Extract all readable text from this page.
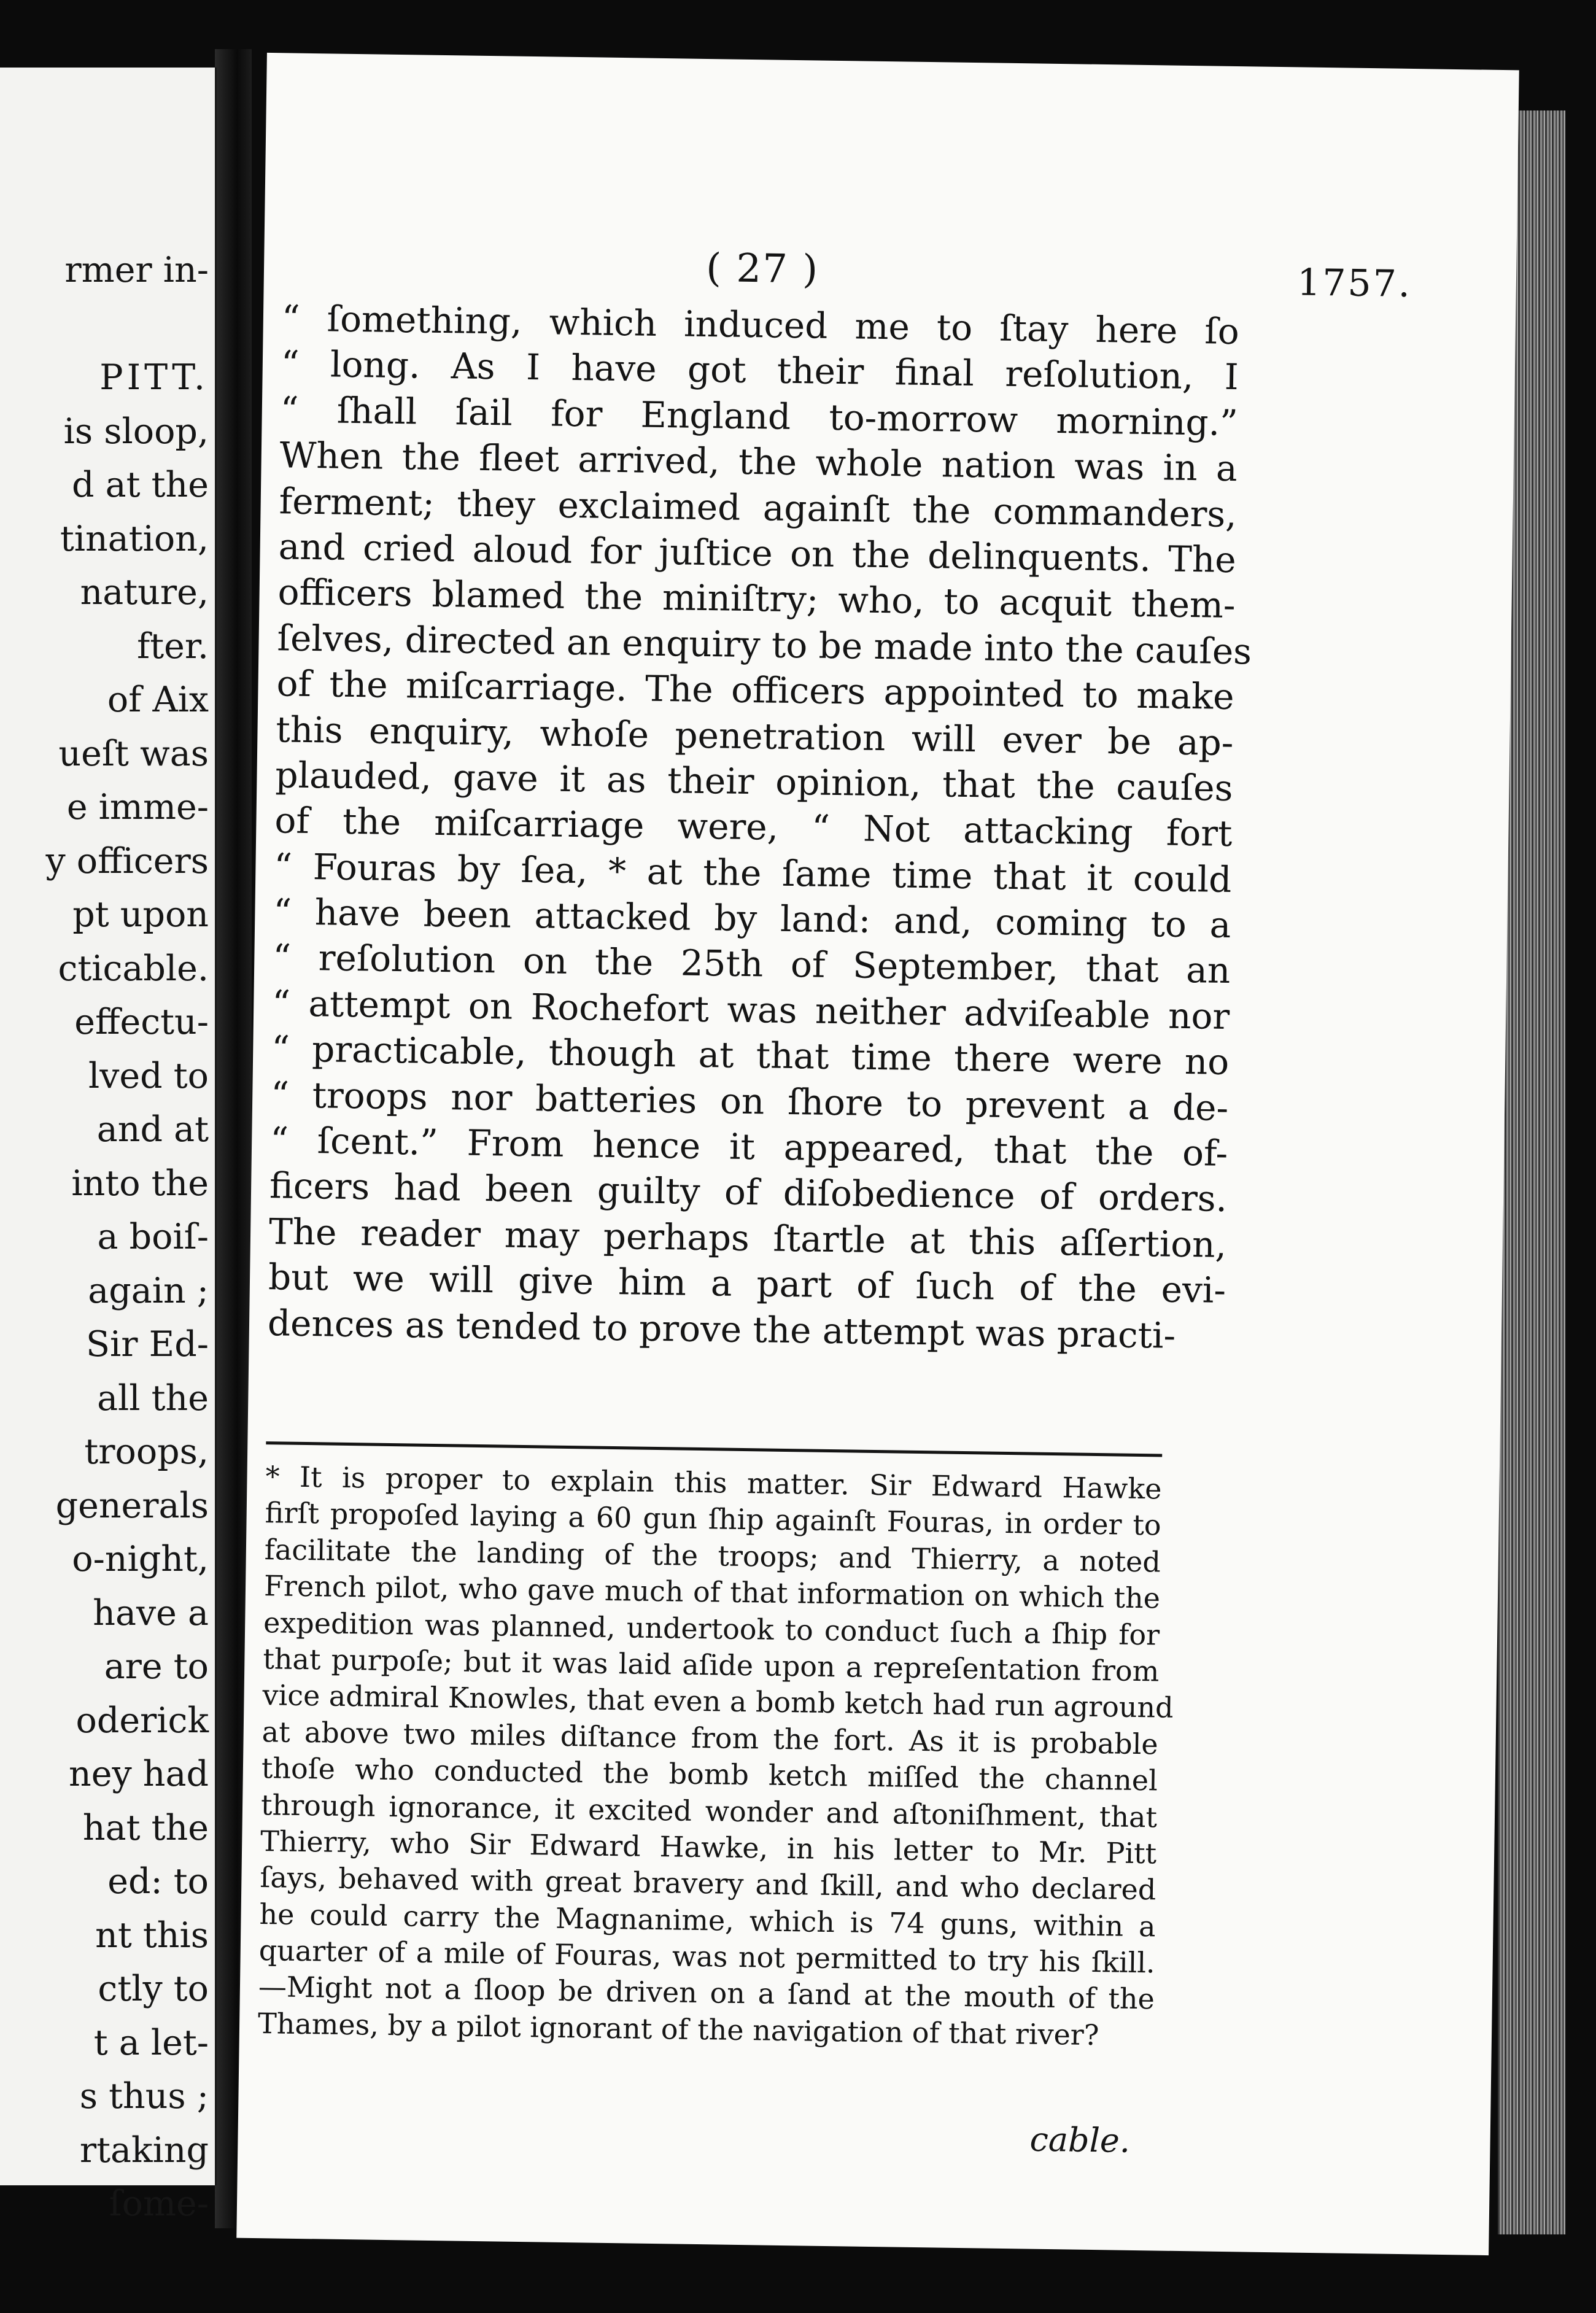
rmer in-
PITT.
is sloop,
d at the
tination,
nature,
fter.
of Aix
ueſt was
e imme-
y officers
pt upon
cticable.
effectu-
lved to
and at
into the
a boiſ-
again ;
Sir Ed-
all the
troops,
generals
o-night,
have a
are to
oderick
ney had
hat the
ed: to
nt this
ctly to
t a let-
s thus ;
rtaking
ſome-
( 27 )	1757.
“ ſomething, which induced me to ſtay here ſo
“ long. As I have got their final reſolution, I
“ ſhall ſail for England to-morrow morning.”
When the fleet arrived, the whole nation was in a
ferment; they exclaimed againſt the commanders,
and cried aloud for juſtice on the delinquents. The
officers blamed the miniſtry; who, to acquit them-
ſelves, directed an enquiry to be made into the cauſes
of the miſcarriage. The officers appointed to make
this enquiry, whoſe penetration will ever be ap-
plauded, gave it as their opinion, that the cauſes
of the miſcarriage were, “ Not attacking fort
“ Fouras by ſea, * at the ſame time that it could
“ have been attacked by land: and, coming to a
“ reſolution on the 25th of September, that an
“ attempt on Rochefort was neither adviſeable nor
“ practicable, though at that time there were no
“ troops nor batteries on ſhore to prevent a de-
“ ſcent.” From hence it appeared, that the of-
ficers had been guilty of diſobedience of orders.
The reader may perhaps ſtartle at this aſſertion,
but we will give him a part of ſuch of the evi-
dences as tended to prove the attempt was practi-
* It is proper to explain this matter. Sir Edward Hawke
firſt propoſed laying a 60 gun ſhip againſt Fouras, in order to
facilitate the landing of the troops; and Thierry, a noted
French pilot, who gave much of that information on which the
expedition was planned, undertook to conduct ſuch a ſhip for
that purpoſe; but it was laid aſide upon a repreſentation from
vice admiral Knowles, that even a bomb ketch had run aground
at above two miles diſtance from the fort. As it is probable
thoſe who conducted the bomb ketch miſſed the channel
through ignorance, it excited wonder and aſtoniſhment, that
Thierry, who Sir Edward Hawke, in his letter to Mr. Pitt
ſays, behaved with great bravery and ſkill, and who declared
he could carry the Magnanime, which is 74 guns, within a
quarter of a mile of Fouras, was not permitted to try his ſkill.
—Might not a ſloop be driven on a ſand at the mouth of the
Thames, by a pilot ignorant of the navigation of that river?
cable.
